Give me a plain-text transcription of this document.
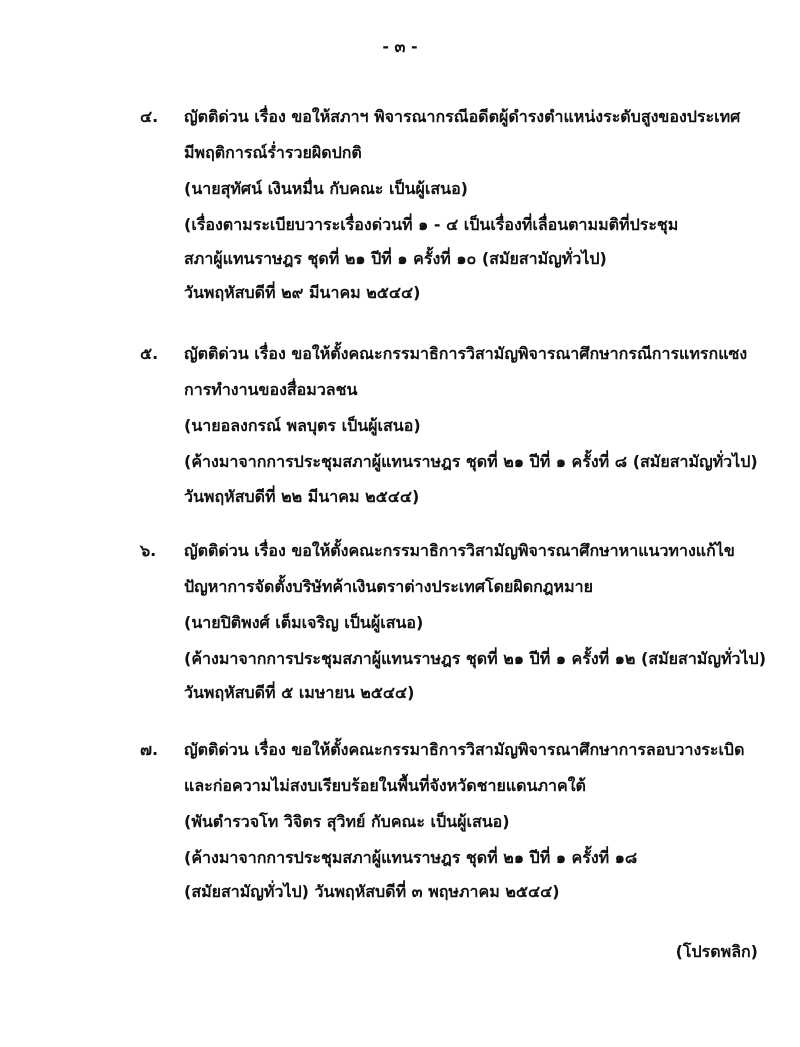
- ๓ -
๔.	ญัตติด่วน เรื่อง ขอให้สภาฯ พิจารณากรณีอดีตผู้ดำรงตำแหน่งระดับสูงของประเทศ
มีพฤติการณ์ร่ำรวยผิดปกติ
(นายสุทัศน์ เงินหมื่น กับคณะ เป็นผู้เสนอ)
(เรื่องตามระเบียบวาระเรื่องด่วนที่ ๑ - ๔ เป็นเรื่องที่เลื่อนตามมติที่ประชุม
สภาผู้แทนราษฎร ชุดที่ ๒๑ ปีที่ ๑ ครั้งที่ ๑๐ (สมัยสามัญทั่วไป)
วันพฤหัสบดีที่ ๒๙ มีนาคม ๒๕๔๔)
๕.	ญัตติด่วน เรื่อง ขอให้ตั้งคณะกรรมาธิการวิสามัญพิจารณาศึกษากรณีการแทรกแซง
การทำงานของสื่อมวลชน
(นายอลงกรณ์ พลบุตร เป็นผู้เสนอ)
(ค้างมาจากการประชุมสภาผู้แทนราษฎร ชุดที่ ๒๑ ปีที่ ๑ ครั้งที่ ๘ (สมัยสามัญทั่วไป)
วันพฤหัสบดีที่ ๒๒ มีนาคม ๒๕๔๔)
๖.	ญัตติด่วน เรื่อง ขอให้ตั้งคณะกรรมาธิการวิสามัญพิจารณาศึกษาหาแนวทางแก้ไข
ปัญหาการจัดตั้งบริษัทค้าเงินตราต่างประเทศโดยผิดกฎหมาย
(นายปิติพงศ์ เต็มเจริญ เป็นผู้เสนอ)
(ค้างมาจากการประชุมสภาผู้แทนราษฎร ชุดที่ ๒๑ ปีที่ ๑ ครั้งที่ ๑๒ (สมัยสามัญทั่วไป)
วันพฤหัสบดีที่ ๕ เมษายน ๒๕๔๔)
๗.	ญัตติด่วน เรื่อง ขอให้ตั้งคณะกรรมาธิการวิสามัญพิจารณาศึกษาการลอบวางระเบิด
และก่อความไม่สงบเรียบร้อยในพื้นที่จังหวัดชายแดนภาคใต้
(พันตำรวจโท วิจิตร สุวิทย์ กับคณะ เป็นผู้เสนอ)
(ค้างมาจากการประชุมสภาผู้แทนราษฎร ชุดที่ ๒๑ ปีที่ ๑ ครั้งที่ ๑๘
(สมัยสามัญทั่วไป) วันพฤหัสบดีที่ ๓ พฤษภาคม ๒๕๔๔)
(โปรดพลิก)
